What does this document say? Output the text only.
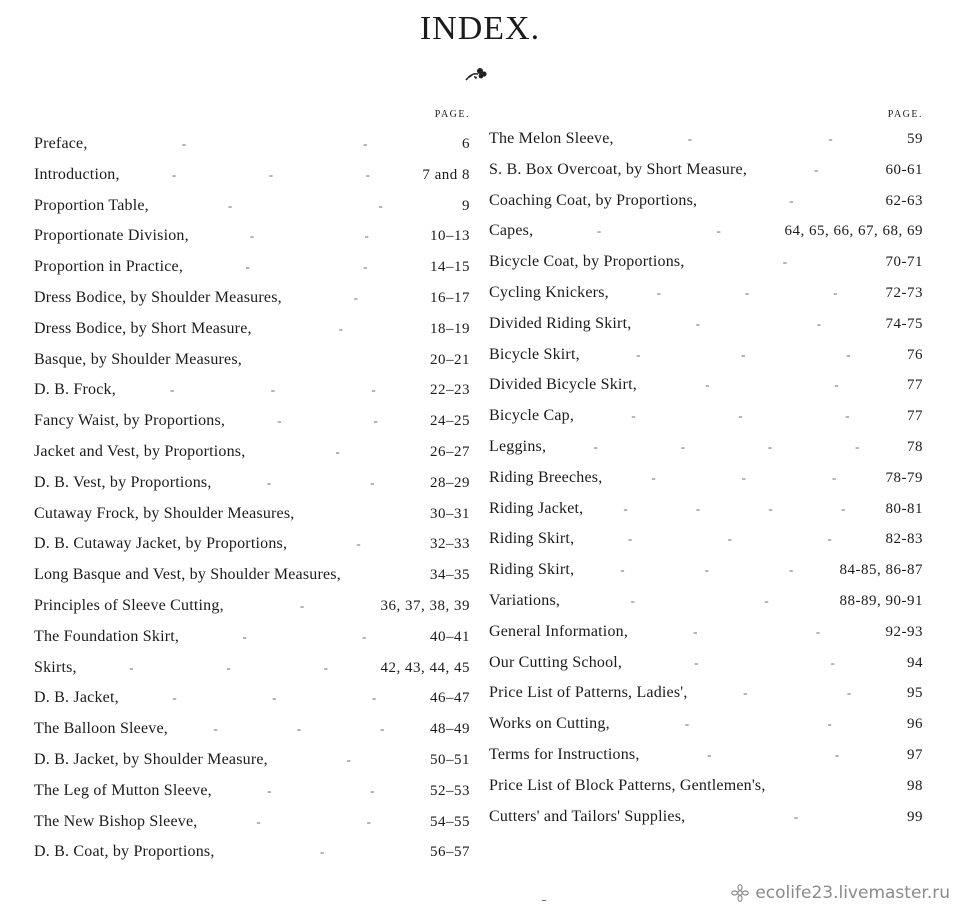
INDEX.
PAGE.
Preface,	-	-	6
Introduction,	-	-	-	7 and 8
Proportion Table,	-	-	9
Proportionate Division,	-	-	10–13
Proportion in Practice,	-	-	14–15
Dress Bodice, by Shoulder Measures,	-	16–17
Dress Bodice, by Short Measure,	-	18–19
Basque, by Shoulder Measures,	20–21
D. B. Frock,	-	-	-	22–23
Fancy Waist, by Proportions,	-	-	24–25
Jacket and Vest, by Proportions,	-	26–27
D. B. Vest, by Proportions,	-	-	28–29
Cutaway Frock, by Shoulder Measures,	30–31
D. B. Cutaway Jacket, by Proportions,	-	32–33
Long Basque and Vest, by Shoulder Measures,	34–35
Principles of Sleeve Cutting,	-	36, 37, 38, 39
The Foundation Skirt,	-	-	40–41
Skirts,	-	-	-	42, 43, 44, 45
D. B. Jacket,	-	-	-	46–47
The Balloon Sleeve,	-	-	-	48–49
D. B. Jacket, by Shoulder Measure,	-	50–51
The Leg of Mutton Sleeve,	-	-	52–53
The New Bishop Sleeve,	-	-	54–55
D. B. Coat, by Proportions,	-	56–57
PAGE.
The Melon Sleeve,	-	-	59
S. B. Box Overcoat, by Short Measure,	-	60-61
Coaching Coat, by Proportions,	-	62-63
Capes,	-	-	64, 65, 66, 67, 68, 69
Bicycle Coat, by Proportions,	-	70-71
Cycling Knickers,	-	-	-	72-73
Divided Riding Skirt,	-	-	74-75
Bicycle Skirt,	-	-	-	76
Divided Bicycle Skirt,	-	-	77
Bicycle Cap,	-	-	-	77
Leggins,	-	-	-	-	78
Riding Breeches,	-	-	-	78-79
Riding Jacket,	-	-	-	-	80-81
Riding Skirt,	-	-	-	82-83
Riding Skirt,	-	-	-	84-85, 86-87
Variations,	-	-	88-89, 90-91
General Information,	-	-	92-93
Our Cutting School,	-	-	94
Price List of Patterns, Ladies',	-	-	95
Works on Cutting,	-	-	96
Terms for Instructions,	-	-	97
Price List of Block Patterns, Gentlemen's,	98
Cutters' and Tailors' Supplies,	-	99
ecolife23.livemaster.ru
